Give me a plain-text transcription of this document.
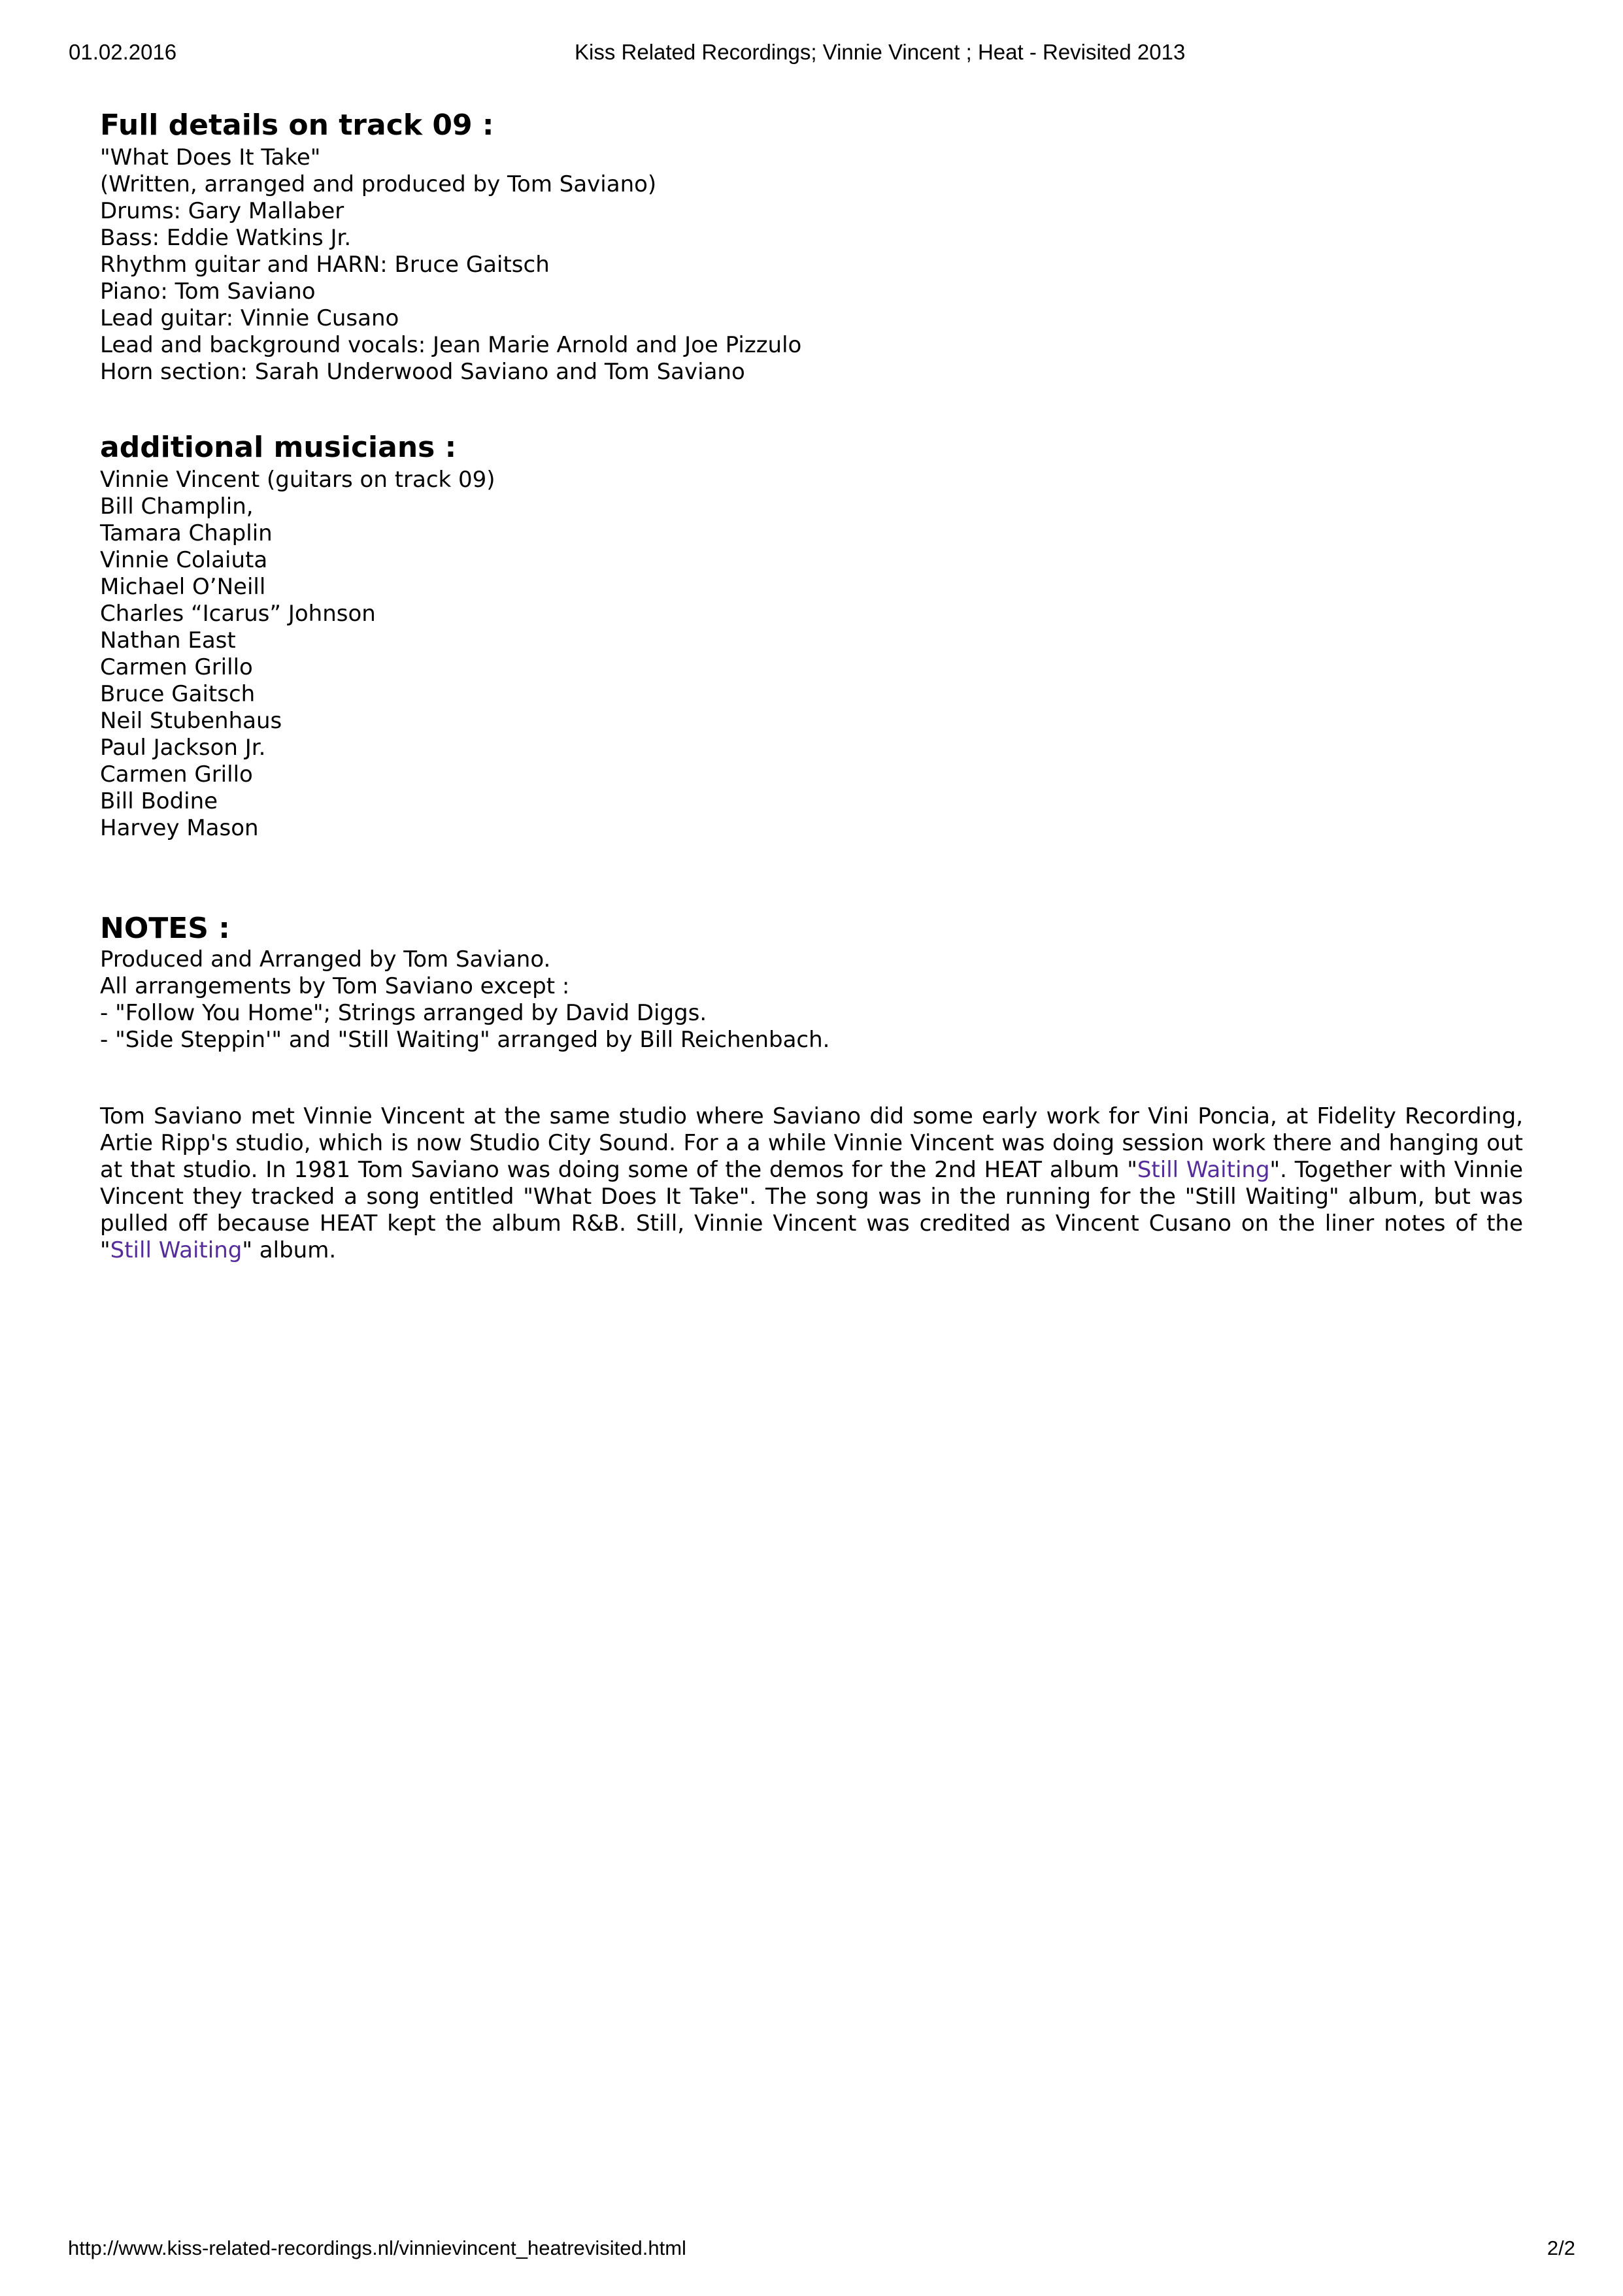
01.02.2016	Kiss Related Recordings; Vinnie Vincent ; Heat - Revisited 2013
Full details on track 09 :
"What Does It Take"
(Written, arranged and produced by Tom Saviano)
Drums: Gary Mallaber
Bass: Eddie Watkins Jr.
Rhythm guitar and HARN: Bruce Gaitsch
Piano: Tom Saviano
Lead guitar: Vinnie Cusano
Lead and background vocals: Jean Marie Arnold and Joe Pizzulo
Horn section: Sarah Underwood Saviano and Tom Saviano
additional musicians :
Vinnie Vincent (guitars on track 09)
Bill Champlin,
Tamara Chaplin
Vinnie Colaiuta
Michael O’Neill
Charles “Icarus” Johnson
Nathan East
Carmen Grillo
Bruce Gaitsch
Neil Stubenhaus
Paul Jackson Jr.
Carmen Grillo
Bill Bodine
Harvey Mason
NOTES :
Produced and Arranged by Tom Saviano.
All arrangements by Tom Saviano except :
- "Follow You Home"; Strings arranged by David Diggs.
- "Side Steppin'" and "Still Waiting" arranged by Bill Reichenbach.

Tom Saviano met Vinnie Vincent at the same studio where Saviano did some early work for Vini Poncia, at Fidelity Recording, Artie Ripp's studio, which is now Studio City Sound. For a a while Vinnie Vincent was doing session work there and hanging out at that studio. In 1981 Tom Saviano was doing some of the demos for the 2nd HEAT album "Still Waiting". Together with Vinnie Vincent they tracked a song entitled "What Does It Take". The song was in the running for the "Still Waiting" album, but was pulled off because HEAT kept the album R&B. Still, Vinnie Vincent was credited as Vincent Cusano on the liner notes of the "Still Waiting" album.

http://www.kiss-related-recordings.nl/vinnievincent_heatrevisited.html	2/2
